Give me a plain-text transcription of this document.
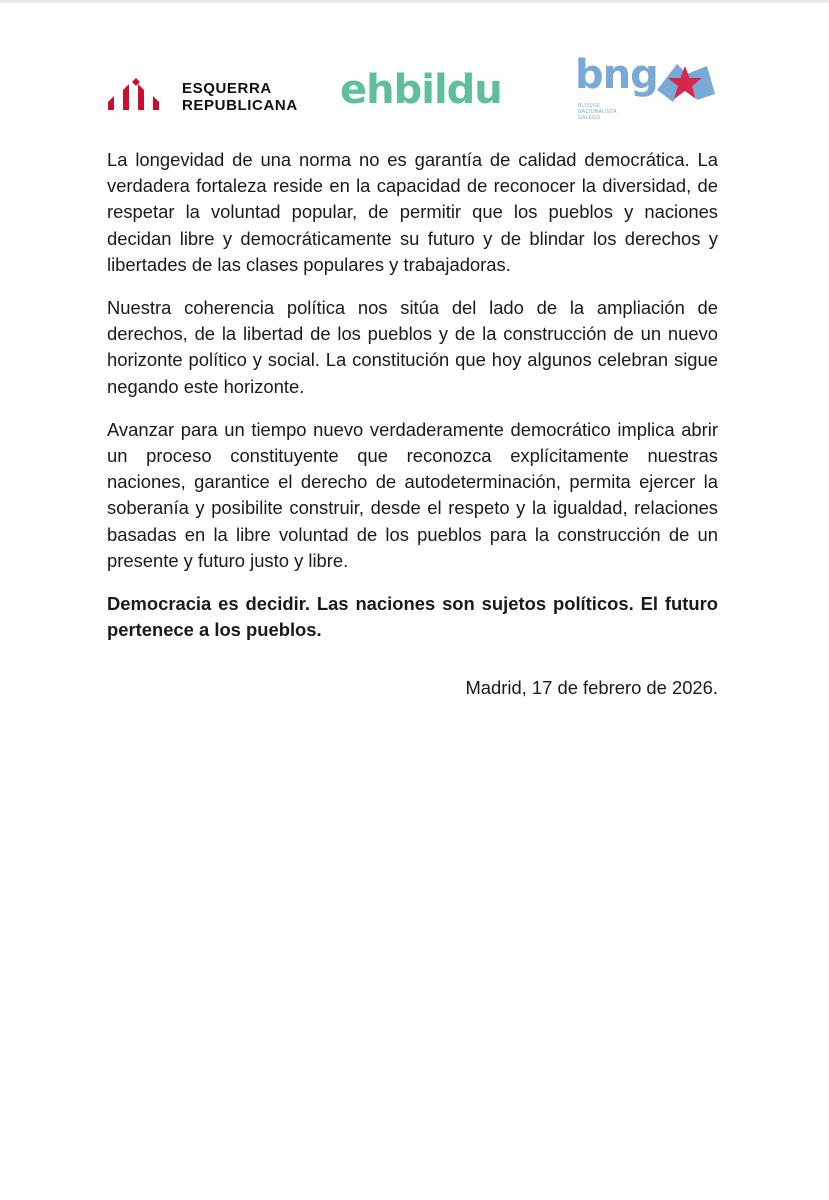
ESQUERRA
REPUBLICANA ehbildu bng
BLOQUE
NACIONALISTA
GALEGO

La longevidad de una norma no es garantía de calidad democrática. La verdadera fortaleza reside en la capacidad de reconocer la diversidad, de respetar la voluntad popular, de permitir que los pueblos y naciones decidan libre y democráticamente su futuro y de blindar los derechos y libertades de las clases populares y trabajadoras.

Nuestra coherencia política nos sitúa del lado de la ampliación de derechos, de la libertad de los pueblos y de la construcción de un nuevo horizonte político y social. La constitución que hoy algunos celebran sigue negando este horizonte.

Avanzar para un tiempo nuevo verdaderamente democrático implica abrir un proceso constituyente que reconozca explícitamente nuestras naciones, garantice el derecho de autodeterminación, permita ejercer la soberanía y posibilite construir, desde el respeto y la igualdad, relaciones basadas en la libre voluntad de los pueblos para la construcción de un presente y futuro justo y libre.

Democracia es decidir. Las naciones son sujetos políticos. El futuro pertenece a los pueblos.

Madrid, 17 de febrero de 2026.
